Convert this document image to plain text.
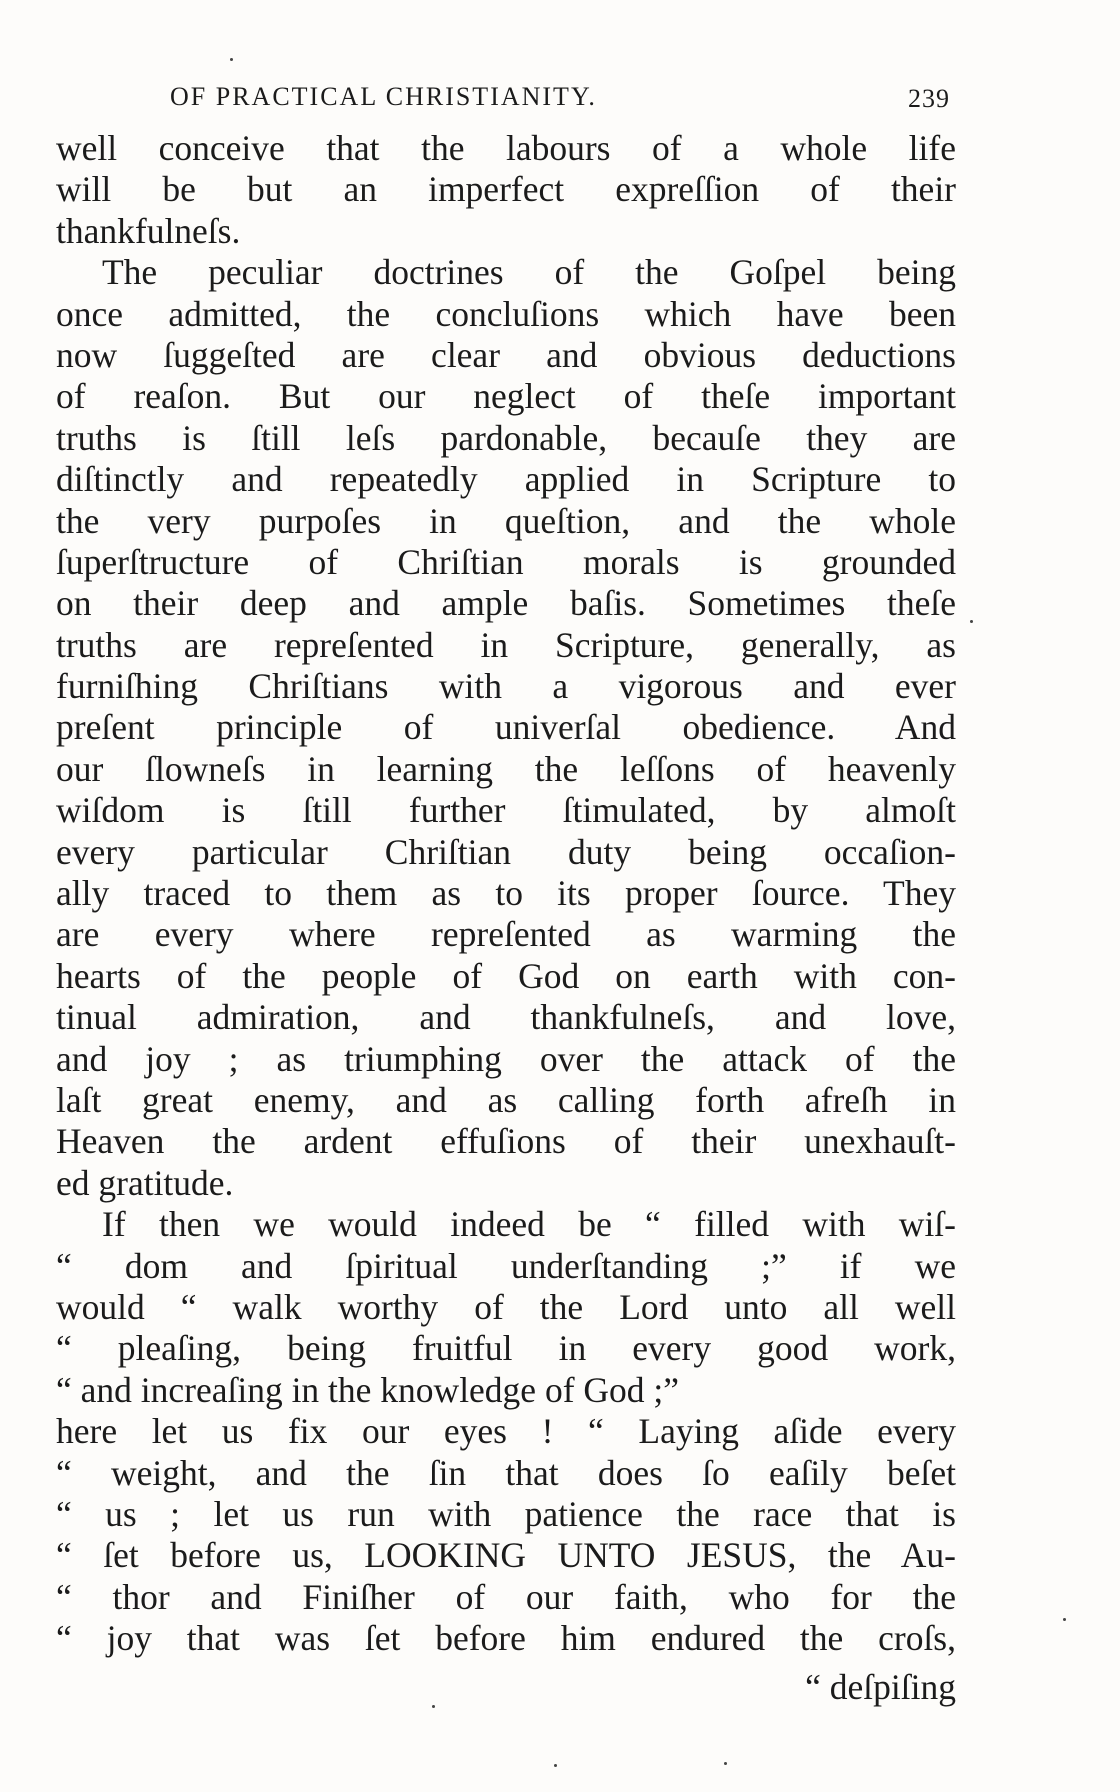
OF PRACTICAL CHRISTIANITY.	239
well conceive that the labours of a whole life
will be but an imperfect expreſſion of their
thankfulneſs.
The peculiar doctrines of the Goſpel being
once admitted, the concluſions which have been
now ſuggeſted are clear and obvious deductions
of reaſon. But our neglect of theſe important
truths is ſtill leſs pardonable, becauſe they are
diſtinctly and repeatedly applied in Scripture to
the very purpoſes in queſtion, and the whole
ſuperſtructure of Chriſtian morals is grounded
on their deep and ample baſis. Sometimes theſe
truths are repreſented in Scripture, generally, as
furniſhing Chriſtians with a vigorous and ever
preſent principle of univerſal obedience. And
our ſlowneſs in learning the leſſons of heavenly
wiſdom is ſtill further ſtimulated, by almoſt
every particular Chriſtian duty being occaſion-
ally traced to them as to its proper ſource. They
are every where repreſented as warming the
hearts of the people of God on earth with con-
tinual admiration, and thankfulneſs, and love,
and joy ; as triumphing over the attack of the
laſt great enemy, and as calling forth afreſh in
Heaven the ardent effuſions of their unexhauſt-
ed gratitude.
If then we would indeed be “ filled with wiſ-
“ dom and ſpiritual underſtanding ;” if we
would “ walk worthy of the Lord unto all well
“ pleaſing, being fruitful in every good work,
“ and increaſing in the knowledge of God ;”
here let us fix our eyes ! “ Laying aſide every
“ weight, and the ſin that does ſo eaſily beſet
“ us ; let us run with patience the race that is
“ ſet before us, LOOKING UNTO JESUS, the Au-
“ thor and Finiſher of our faith, who for the
“ joy that was ſet before him endured the croſs,
“ deſpiſing
